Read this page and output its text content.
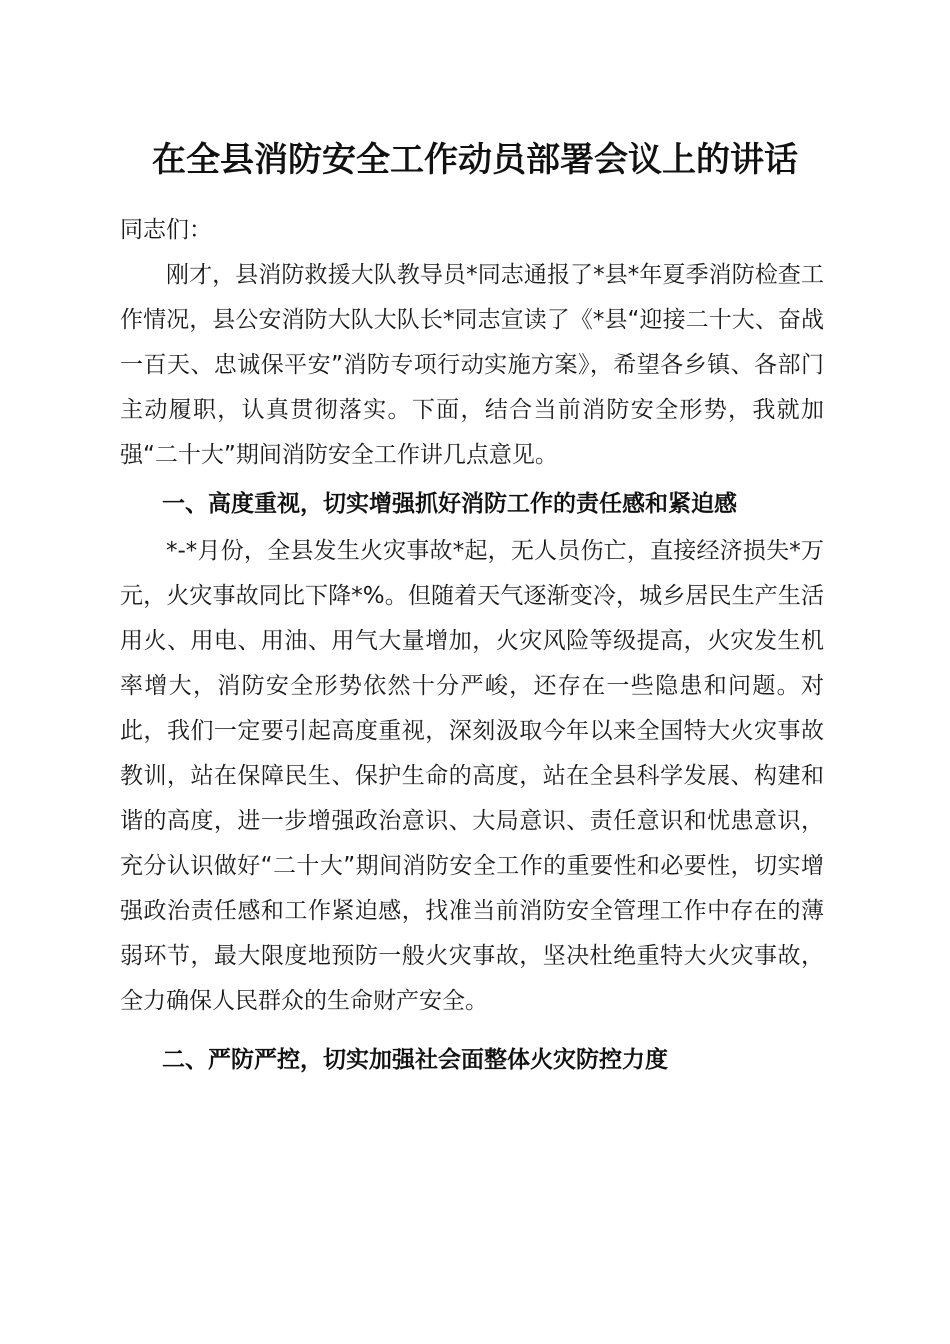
在全县消防安全工作动员部署会议上的讲话

同志们：

刚才，县消防救援大队教导员*同志通报了*县*年夏季消防检查工作情况，县公安消防大队大队长*同志宣读了《*县“迎接二十大、奋战一百天、忠诚保平安”消防专项行动实施方案》，希望各乡镇、各部门主动履职，认真贯彻落实。下面，结合当前消防安全形势，我就加强“二十大”期间消防安全工作讲几点意见。

一、高度重视，切实增强抓好消防工作的责任感和紧迫感

*-*月份，全县发生火灾事故*起，无人员伤亡，直接经济损失*万元，火灾事故同比下降*%。但随着天气逐渐变冷，城乡居民生产生活用火、用电、用油、用气大量增加，火灾风险等级提高，火灾发生机率增大，消防安全形势依然十分严峻，还存在一些隐患和问题。对此，我们一定要引起高度重视，深刻汲取今年以来全国特大火灾事故教训，站在保障民生、保护生命的高度，站在全县科学发展、构建和谐的高度，进一步增强政治意识、大局意识、责任意识和忧患意识，充分认识做好“二十大”期间消防安全工作的重要性和必要性，切实增强政治责任感和工作紧迫感，找准当前消防安全管理工作中存在的薄弱环节，最大限度地预防一般火灾事故，坚决杜绝重特大火灾事故，全力确保人民群众的生命财产安全。

二、严防严控，切实加强社会面整体火灾防控力度
